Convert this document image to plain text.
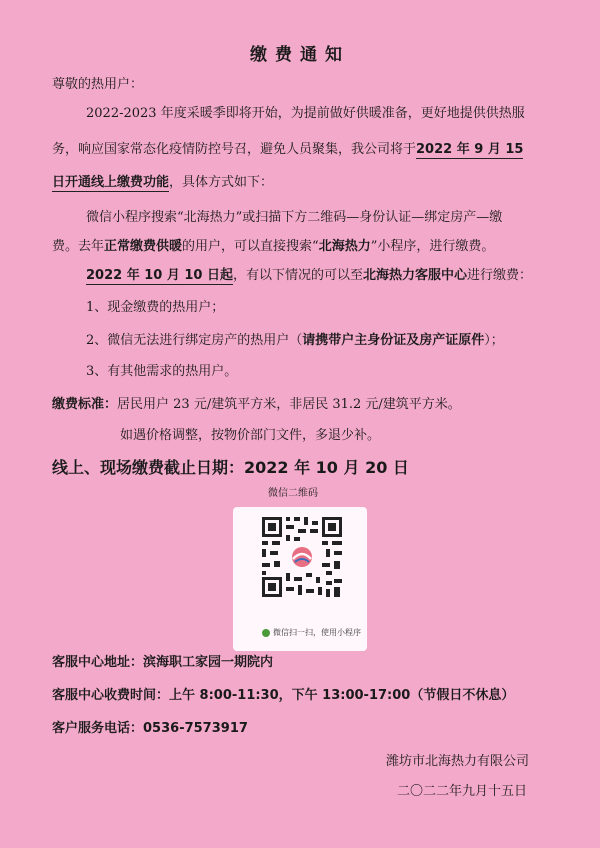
缴费通知
尊敬的热用户：
2022-2023 年度采暖季即将开始，为提前做好供暖准备，更好地提供供热服
务，响应国家常态化疫情防控号召，避免人员聚集，我公司将于2022 年 9 月 15
日开通线上缴费功能，具体方式如下：
微信小程序搜索“北海热力”或扫描下方二维码—身份认证—绑定房产—缴
费。去年正常缴费供暖的用户，可以直接搜索“北海热力”小程序，进行缴费。
2022 年 10 月 10 日起，有以下情况的可以至北海热力客服中心进行缴费：
1、现金缴费的热用户；
2、微信无法进行绑定房产的热用户（请携带户主身份证及房产证原件）；
3、有其他需求的热用户。
缴费标准：居民用户 23 元/建筑平方米，非居民 31.2 元/建筑平方米。
如遇价格调整，按物价部门文件，多退少补。
线上、现场缴费截止日期：2022 年 10 月 20 日
微信二维码
微信扫一扫，使用小程序
客服中心地址：滨海职工家园一期院内
客服中心收费时间：上午 8:00-11:30，下午 13:00-17:00（节假日不休息）
客户服务电话：0536-7573917
潍坊市北海热力有限公司
二〇二二年九月十五日
